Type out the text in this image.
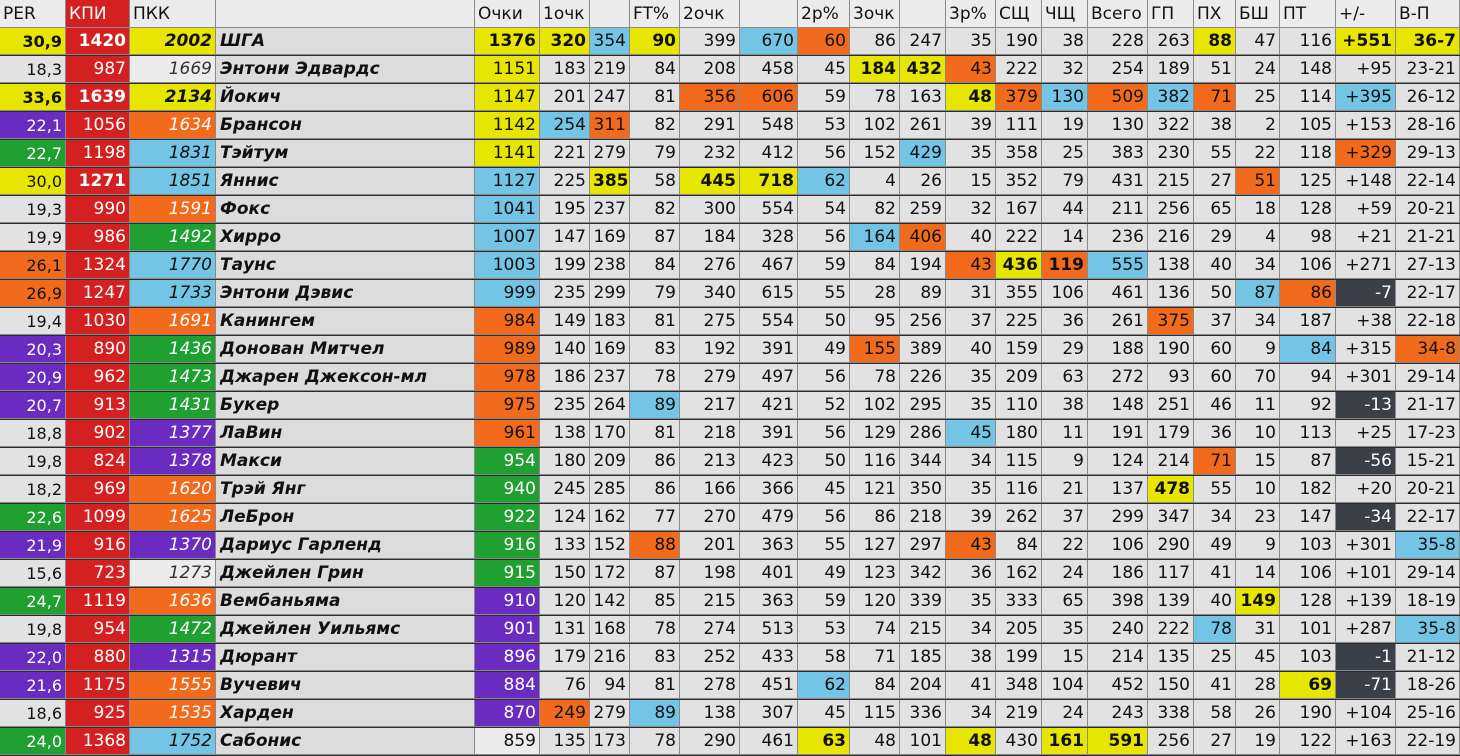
PER	КПИ	ПКК	Очки	1очк	FT% 2очк	2р% 3очк	3р% СЩ ЧЩ Всего ГП	ПХ	БШ ПТ	+/-	В-П
30,9 1420	2002 ШГА	1376 320 354	90	399	670	60	86 247	35 190	38	228 263	88	47	116 +551	36-7
18,3	987	1669 Энтони Эдвардс	1151	183 219	84	208	458	45 184 432	43 222	32	254 189	51	24	148	+95 23-21
33,6 1639	2134 Йокич	1147	201 247	81	356	606	59	78 163	48 379 130	509 382	71	25	114 +395 26-12
22,1	1056	1634 Брансон	1142	254 311	82	291	548	53	102 261	39 111	19	130 322	38	2	105 +153 28-16
22,7	1198	1831 Тэйтум	1141	221 279	79	232	412	56	152 429	35 358	25	383 230	55	22	118 +329 29-13
30,0 1271	1851 Яннис	1127	225 385	58	445	718	62	4	26	15 352	79	431 215	27	51	125 +148 22-14
19,3	990	1591 Фокс	1041	195 237	82	300	554	54	82 259	32 167	44	211 256	65	18	128	+59 20-21
19,9	986	1492 Хирро	1007	147 169	87	184	328	56	164 406	40 222	14	236 216	29	4	98	+21 21-21
26,1	1324	1770 Таунс	1003	199 238	84	276	467	59	84 194	43 436 119	555 138	40	34	106 +271 27-13
26,9	1247	1733 Энтони Дэвис	999	235 299	79	340	615	55	28	89	31 355 106	461 136	50	87	86	-7 22-17
19,4	1030	1691 Канингем	984	149 183	81	275	554	50	95 256	37 225	36	261 375	37	34	187	+38 22-18
20,3	890	1436 Донован Митчел	989	140 169	83	192	391	49	155 389	40 159	29	188 190	60	9	84 +315	34-8
20,9	962	1473 Джарен Джексон-мл	978	186 237	78	279	497	56	78 226	35 209	63	272	93	60	70	94 +301 29-14
20,7	913	1431 Букер	975	235 264	89	217	421	52	102 295	35 110	38	148 251	46	11	92	-13 21-17
18,8	902	1377 ЛаВин	961	138 170	81	218	391	56	129 286	45 180	11	191 179	36	10	113	+25 17-23
19,8	824	1378 Макси	954	180 209	86	213	423	50	116 344	34 115	9	124 214	71	15	87	-56 15-21
18,2	969	1620 Трэй Янг	940	245 285	86	166	366	45	121 350	35 116	21	137 478	55	10	182	+20 20-21
22,6	1099	1625 ЛеБрон	922	124 162	77	270	479	56	86 218	39 262	37	299 347	34	23	147	-34 22-17
21,9	916	1370 Дариус Гарленд	916	133 152	88	201	363	55	127 297	43	84	22	106 290	49	9	103 +301	35-8
15,6	723	1273 Джейлен Грин	915	150 172	87	198	401	49	123 342	36 162	24	186 117	41	14	106 +101 29-14
24,7	1119	1636 Вембаньяма	910	120 142	85	215	363	59	120 339	35 333	65	398 139	40 149	128 +139 18-19
19,8	954	1472 Джейлен Уильямс	901	131 168	78	274	513	53	74 215	34 205	35	240 222	78	31	101 +287	35-8
22,0	880	1315 Дюрант	896	179 216	83	252	433	58	71 185	38 199	15	214 135	25	45	103	-1 21-12
21,6	1175	1555 Вучевич	884	76	94	81	278	451	62	84 204	41 348 104	452 150	41	28	69	-71 18-26
18,6	925	1535 Харден	870	249 279	89	138	307	45	115 336	34 219	24	243 338	58	26	190 +104 25-16
24,0	1368	1752 Сабонис	859	135 173	78	290	461	63	48 101	48 430 161	591 256	27	19	122 +163 22-19
